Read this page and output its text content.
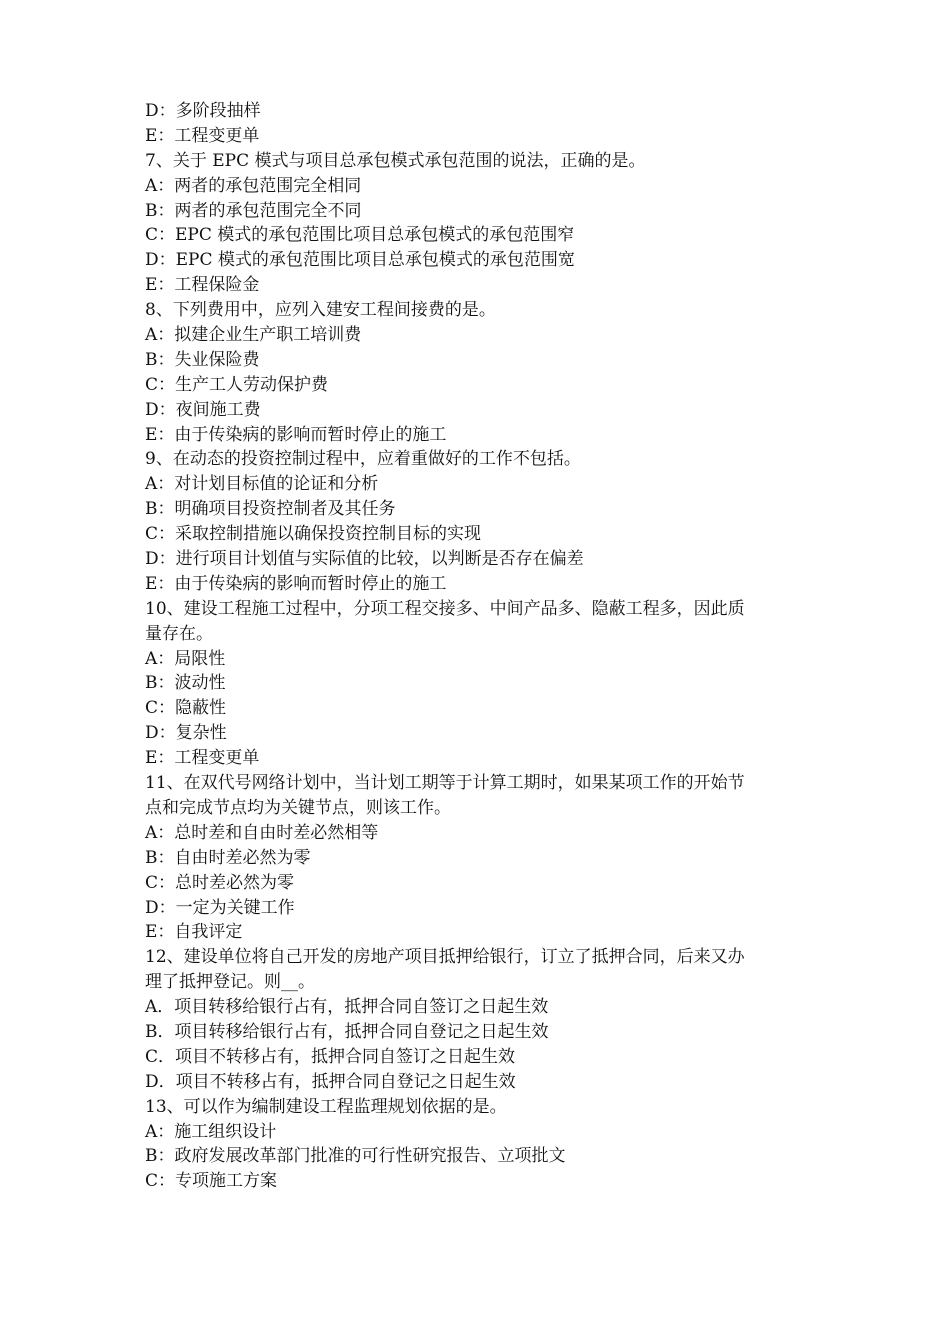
D：多阶段抽样
E：工程变更单
7、关于 EPC 模式与项目总承包模式承包范围的说法，正确的是。
A：两者的承包范围完全相同
B：两者的承包范围完全不同
C：EPC 模式的承包范围比项目总承包模式的承包范围窄
D：EPC 模式的承包范围比项目总承包模式的承包范围宽
E：工程保险金
8、下列费用中，应列入建安工程间接费的是。
A：拟建企业生产职工培训费
B：失业保险费
C：生产工人劳动保护费
D：夜间施工费
E：由于传染病的影响而暂时停止的施工
9、在动态的投资控制过程中，应着重做好的工作不包括。
A：对计划目标值的论证和分析
B：明确项目投资控制者及其任务
C：采取控制措施以确保投资控制目标的实现
D：进行项目计划值与实际值的比较，以判断是否存在偏差
E：由于传染病的影响而暂时停止的施工
10、建设工程施工过程中，分项工程交接多、中间产品多、隐蔽工程多，因此质
量存在。
A：局限性
B：波动性
C：隐蔽性
D：复杂性
E：工程变更单
11、在双代号网络计划中，当计划工期等于计算工期时，如果某项工作的开始节
点和完成节点均为关键节点，则该工作。
A：总时差和自由时差必然相等
B：自由时差必然为零
C：总时差必然为零
D：一定为关键工作
E：自我评定
12、建设单位将自己开发的房地产项目抵押给银行，订立了抵押合同，后来又办
理了抵押登记。则__。
A．项目转移给银行占有，抵押合同自签订之日起生效
B．项目转移给银行占有，抵押合同自登记之日起生效
C．项目不转移占有，抵押合同自签订之日起生效
D．项目不转移占有，抵押合同自登记之日起生效
13、可以作为编制建设工程监理规划依据的是。
A：施工组织设计
B：政府发展改革部门批准的可行性研究报告、立项批文
C：专项施工方案
